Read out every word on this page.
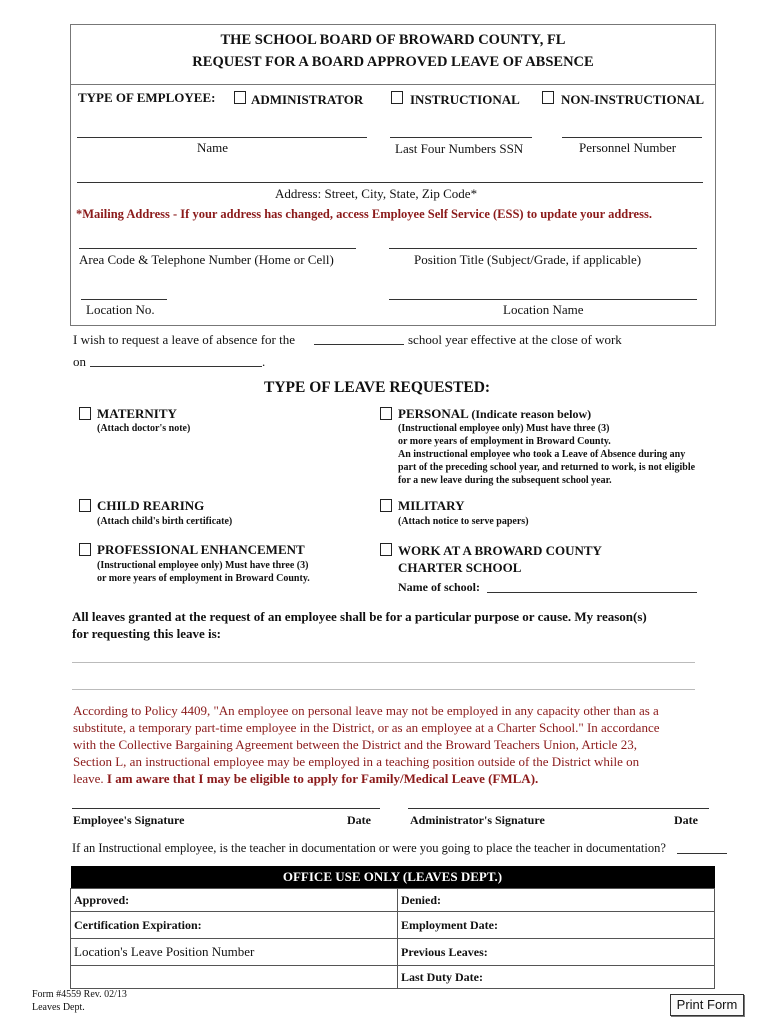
THE SCHOOL BOARD OF BROWARD COUNTY, FL
REQUEST FOR A BOARD APPROVED LEAVE OF ABSENCE
TYPE OF EMPLOYEE:	ADMINISTRATOR	INSTRUCTIONAL	NON-INSTRUCTIONAL
Name	Last Four Numbers SSN	Personnel Number
Address: Street, City, State, Zip Code*
*Mailing Address - If your address has changed, access Employee Self Service (ESS) to update your address.
Area Code & Telephone Number (Home or Cell)	Position Title (Subject/Grade, if applicable)
Location No.	Location Name
I wish to request a leave of absence for the	school year effective at the close of work
on	.
TYPE OF LEAVE REQUESTED:
MATERNITY
(Attach doctor's note)
PERSONAL (Indicate reason below)
(Instructional employee only) Must have three (3)
or more years of employment in Broward County.
An instructional employee who took a Leave of Absence during any
part of the preceding school year, and returned to work, is not eligible
for a new leave during the subsequent school year.
CHILD REARING
(Attach child's birth certificate)
MILITARY
(Attach notice to serve papers)
PROFESSIONAL ENHANCEMENT
(Instructional employee only) Must have three (3)
or more years of employment in Broward County.
WORK AT A BROWARD COUNTY
CHARTER SCHOOL
Name of school:
All leaves granted at the request of an employee shall be for a particular purpose or cause. My reason(s)
for requesting this leave is:
According to Policy 4409, "An employee on personal leave may not be employed in any capacity other than as a
substitute, a temporary part-time employee in the District, or as an employee at a Charter School." In accordance
with the Collective Bargaining Agreement between the District and the Broward Teachers Union, Article 23,
Section L, an instructional employee may be employed in a teaching position outside of the District while on
leave. I am aware that I may be eligible to apply for Family/Medical Leave (FMLA).
Employee's Signature	Date	Administrator's Signature	Date
If an Instructional employee, is the teacher in documentation or were you going to place the teacher in documentation?
OFFICE USE ONLY (LEAVES DEPT.)	
Approved:	Denied:
Certification Expiration:	Employment Date:
Location's Leave Position Number	Previous Leaves:
	Last Duty Date:
Form #4559 Rev. 02/13
Leaves Dept.	Print Form
